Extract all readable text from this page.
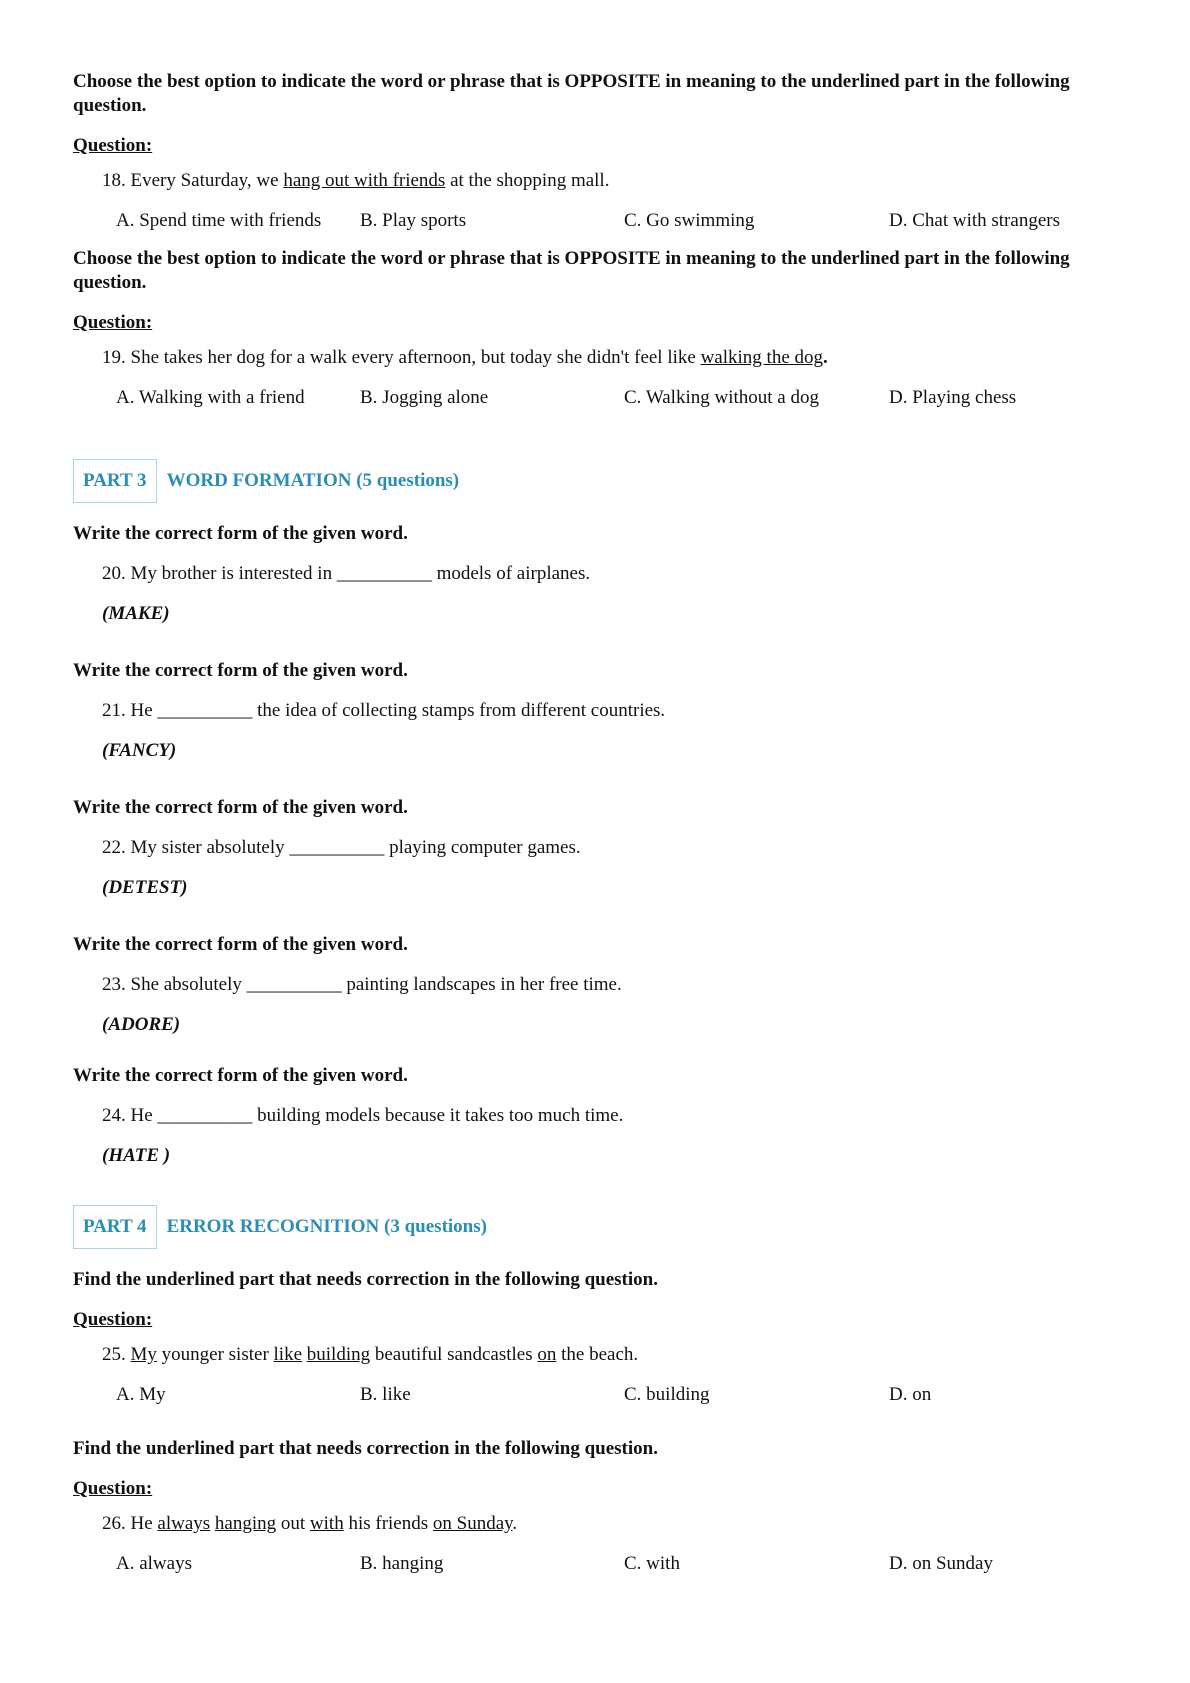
Choose the best option to indicate the word or phrase that is OPPOSITE in meaning to the underlined part in the following question.

Question:

18. Every Saturday, we hang out with friends at the shopping mall.

A. Spend time with friends B. Play sports	C. Go swimming	D. Chat with strangers

Choose the best option to indicate the word or phrase that is OPPOSITE in meaning to the underlined part in the following question.

Question:

19. She takes her dog for a walk every afternoon, but today she didn't feel like walking the dog.

A. Walking with a friend	B. Jogging alone	C. Walking without a dog	D. Playing chess
PART 3	WORD FORMATION (5 questions)

Write the correct form of the given word.

20. My brother is interested in __________ models of airplanes.

(MAKE)

Write the correct form of the given word.

21. He __________ the idea of collecting stamps from different countries.

(FANCY)

Write the correct form of the given word.

22. My sister absolutely __________ playing computer games.

(DETEST)

Write the correct form of the given word.

23. She absolutely __________ painting landscapes in her free time.

(ADORE)

Write the correct form of the given word.

24. He __________ building models because it takes too much time.

(HATE )

PART 4	ERROR RECOGNITION (3 questions)

Find the underlined part that needs correction in the following question.

Question:

25. My younger sister like building beautiful sandcastles on the beach.

A. My	B. like	C. building	D. on

Find the underlined part that needs correction in the following question.

Question:

26. He always hanging out with his friends on Sunday.

A. always	B. hanging	C. with	D. on Sunday
